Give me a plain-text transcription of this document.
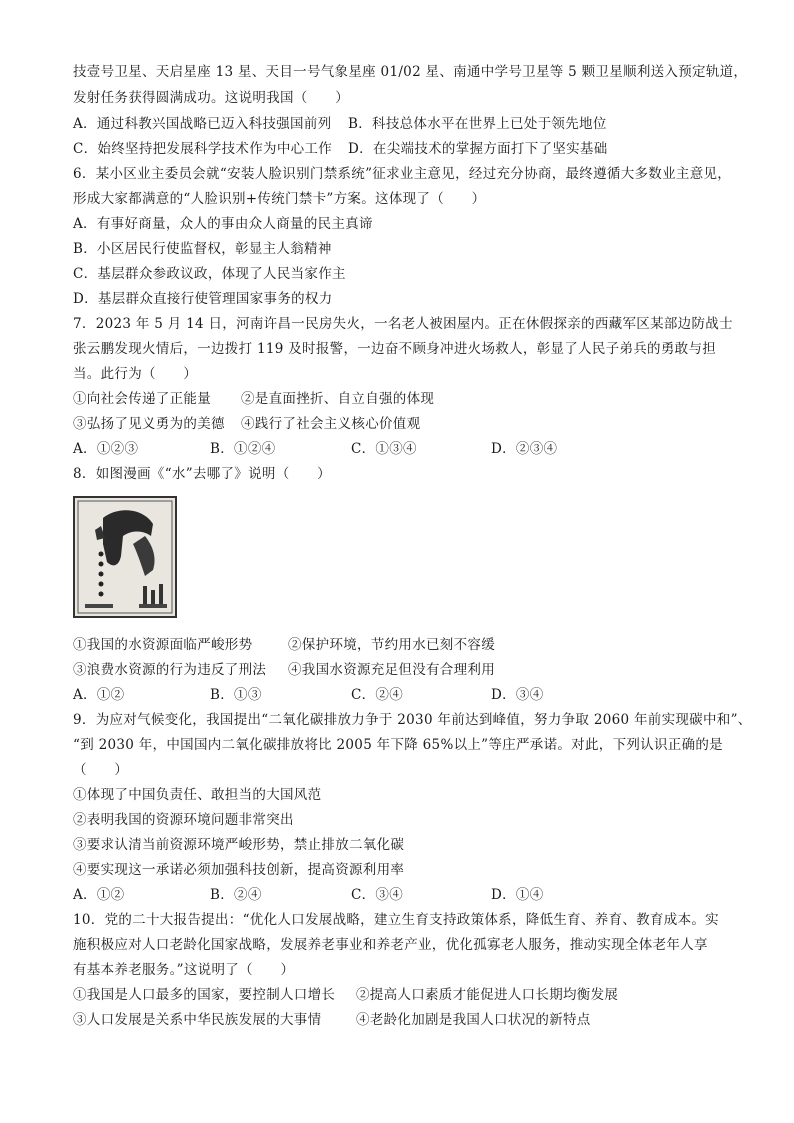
技壹号卫星、天启星座 13 星、天目一号气象星座 01/02 星、南通中学号卫星等 5 颗卫星顺利送入预定轨道，
发射任务获得圆满成功。这说明我国（　　）
A．通过科教兴国战略已迈入科技强国前列 B．科技总体水平在世界上已处于领先地位
C．始终坚持把发展科学技术作为中心工作 D．在尖端技术的掌握方面打下了坚实基础
6．某小区业主委员会就“安装人脸识别门禁系统”征求业主意见，经过充分协商，最终遵循大多数业主意见，
形成大家都满意的“人脸识别+传统门禁卡”方案。这体现了（　　）
A．有事好商量，众人的事由众人商量的民主真谛
B．小区居民行使监督权，彰显主人翁精神
C．基层群众参政议政，体现了人民当家作主
D．基层群众直接行使管理国家事务的权力
7．2023 年 5 月 14 日，河南许昌一民房失火，一名老人被困屋内。正在休假探亲的西藏军区某部边防战士
张云鹏发现火情后，一边拨打 119 及时报警，一边奋不顾身冲进火场救人，彰显了人民子弟兵的勇敢与担
当。此行为（　　）
①向社会传递了正能量 ②是直面挫折、自立自强的体现
③弘扬了见义勇为的美德 ④践行了社会主义核心价值观
A．①②③	B．①②④	C．①③④	D．②③④
8．如图漫画《“水”去哪了》说明（　　）
①我国的水资源面临严峻形势	②保护环境，节约用水已刻不容缓
③浪费水资源的行为违反了刑法 ④我国水资源充足但没有合理利用
A．①②	B．①③	C．②④	D．③④
9．为应对气候变化，我国提出“二氧化碳排放力争于 2030 年前达到峰值，努力争取 2060 年前实现碳中和”、
“到 2030 年，中国国内二氧化碳排放将比 2005 年下降 65%以上”等庄严承诺。对此，下列认识正确的是
（　　）
①体现了中国负责任、敢担当的大国风范
②表明我国的资源环境问题非常突出
③要求认清当前资源环境严峻形势，禁止排放二氧化碳
④要实现这一承诺必须加强科技创新，提高资源利用率
A．①②	B．②④	C．③④	D．①④
10．党的二十大报告提出：“优化人口发展战略，建立生育支持政策体系，降低生育、养育、教育成本。实
施积极应对人口老龄化国家战略，发展养老事业和养老产业，优化孤寡老人服务，推动实现全体老年人享
有基本养老服务。”这说明了（　　）
①我国是人口最多的国家，要控制人口增长 ②提高人口素质才能促进人口长期均衡发展
③人口发展是关系中华民族发展的大事情	④老龄化加剧是我国人口状况的新特点
